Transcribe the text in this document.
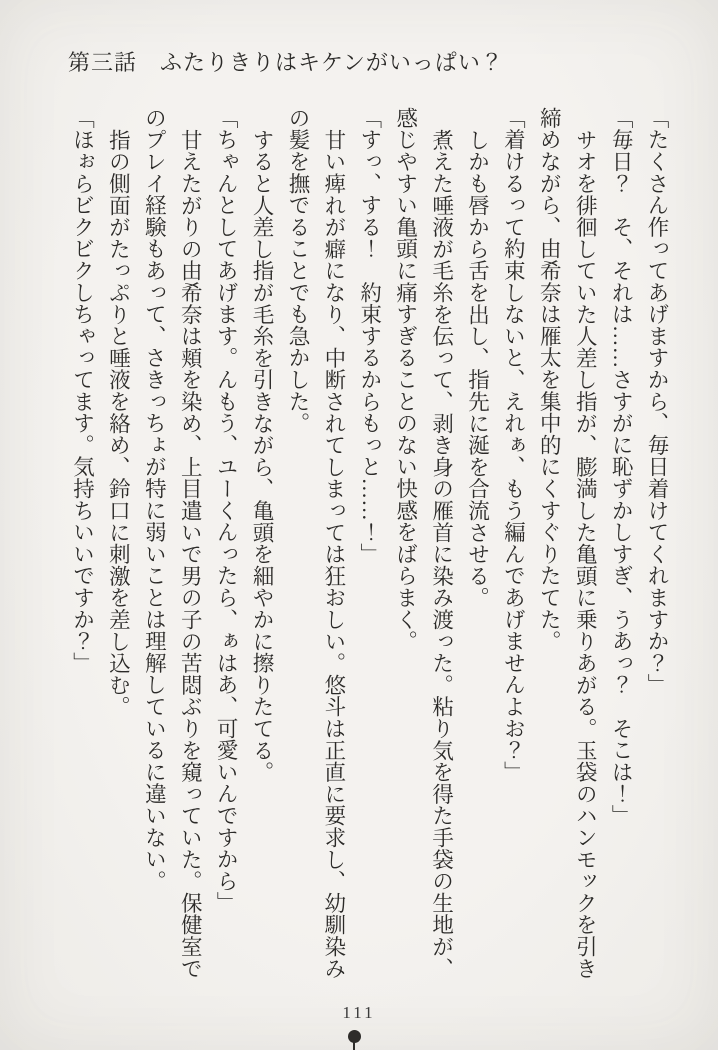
第三話　ふたりきりはキケンがいっぱい？

「たくさん作ってあげますから、毎日着けてくれますか？」

「毎日？　そ、それは……さすがに恥ずかしすぎ、うあっ？　そこは！」

サオを徘徊していた人差し指が、膨満した亀頭に乗りあがる。玉袋のハンモックを引き

締めながら、由希奈は雁太を集中的にくすぐりたてた。

「着けるって約束しないと、えれぁ、もう編んであげませんよお？」

しかも唇から舌を出し、指先に涎を合流させる。

煮えた唾液が毛糸を伝って、剥き身の雁首に染み渡った。粘り気を得た手袋の生地が、

感じやすい亀頭に痛すぎることのない快感をばらまく。

「すっ、する！　約束するからもっと……！」

甘い痺れが癖になり、中断されてしまっては狂おしい。悠斗は正直に要求し、幼馴染み

の髪を撫でることでも急かした。

すると人差し指が毛糸を引きながら、亀頭を細やかに擦りたてる。

「ちゃんとしてあげます。んもう、ユーくんったら、ぁはあ、可愛いんですから」

甘えたがりの由希奈は頬を染め、上目遣いで男の子の苦悶ぶりを窺っていた。保健室で

のプレイ経験もあって、さきっちょが特に弱いことは理解しているに違いない。

指の側面がたっぷりと唾液を絡め、鈴口に刺激を差し込む。

「ほぉらビクビクしちゃってます。気持ちいいですか？」

111
